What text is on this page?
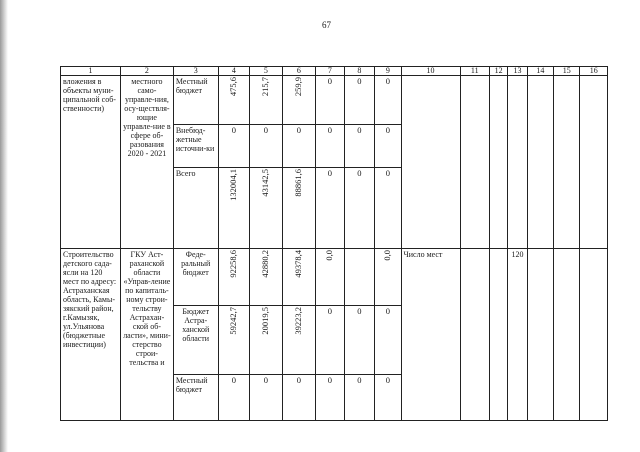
67
1	2	3	4	5	6	7	8	9	10	11	12	13	14	15	16
вложения в объекты муни-ципальной соб-ственности)	местного само-управле-ния, осу-ществля-ющие управле-ние в сфере об-разования 2020 - 2021	Местный бюджет	475,6	215,7	259,9	0	0	0							
		Внебюд-жетные источни-ки	0	0	0	0	0	0							
		Всего	132004,1	43142,5	88861,6	0	0	0							
Строительство детского сада-ясли на 120 мест по адресу: Астраханская область, Камы-зякский район, г.Камызяк, ул.Ульянова (бюджетные инвестиции)	ГКУ Аст-раханской области «Управ-ление по капиталь-ному строи-тельству Астрахан-ской об-ласти», мини-стерство строи-тельства и	Феде-ральный бюджет	92258,6	42880,2	49378,4	0,0		0,0	Число мест			120			
		Бюджет Астра-ханской области	59242,7	20019,5	39223,2	0	0	0							
		Местный бюджет	0	0	0	0	0	0							
